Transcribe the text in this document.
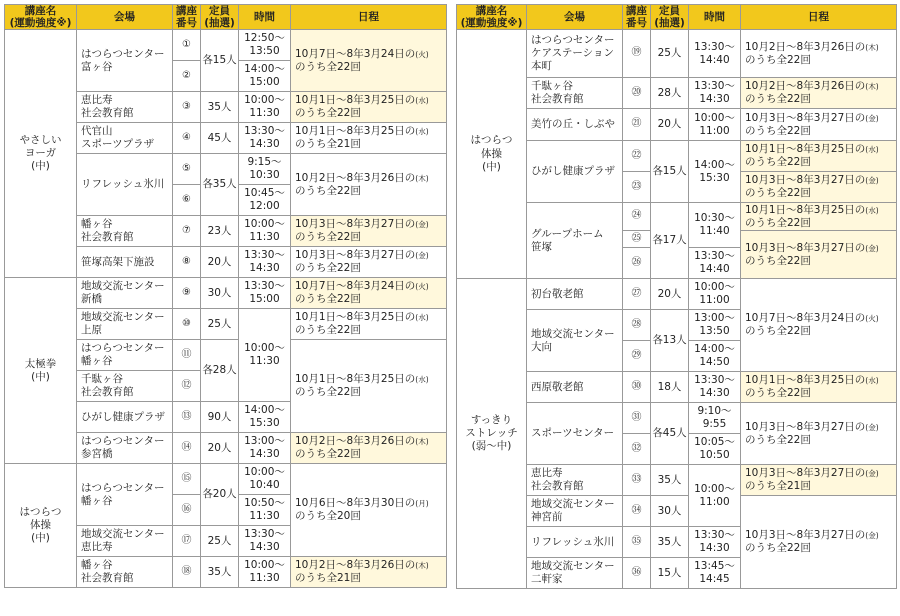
講座名
(運動強度※)	会場	講座
番号	定員
(抽選)	時間	日程
やさしい
ヨーガ
(中)	はつらつセンター
富ヶ谷	①	各15人	12:50〜13:50	10月7日〜8年3月24日の(火)
のうち全22回
		②		14:00〜15:00	
	恵比寿
社会教育館	③	35人	10:00〜11:30	10月1日〜8年3月25日の(水)
のうち全22回
	代官山
スポーツプラザ	④	45人	13:30〜14:30	10月1日〜8年3月25日の(水)
のうち全21回
	リフレッシュ氷川	⑤	各35人	9:15〜10:30	10月2日〜8年3月26日の(木)
のうち全22回
		⑥		10:45〜12:00	
	幡ヶ谷
社会教育館	⑦	23人	10:00〜11:30	10月3日〜8年3月27日の(金)
のうち全22回
	笹塚高架下施設	⑧	20人	13:30〜14:30	10月3日〜8年3月27日の(金)
のうち全22回
太極拳
(中)	地域交流センター
新橋	⑨	30人	13:30〜15:00	10月7日〜8年3月24日の(火)
のうち全22回
	地域交流センター
上原	⑩	25人	10:00〜11:30	10月1日〜8年3月25日の(水)
のうち全22回
	はつらつセンター
幡ヶ谷	⑪	各28人		10月1日〜8年3月25日の(水)
のうち全22回
	千駄ヶ谷
社会教育館	⑫			
	ひがし健康プラザ	⑬	90人	14:00〜15:30	
	はつらつセンター
参宮橋	⑭	20人	13:00〜14:30	10月2日〜8年3月26日の(木)
のうち全22回
はつらつ
体操
(中)	はつらつセンター
幡ヶ谷	⑮	各20人	10:00〜10:40	10月6日〜8年3月30日の(月)
のうち全20回
		⑯		10:50〜11:30	
	地域交流センター
恵比寿	⑰	25人	13:30〜14:30	
	幡ヶ谷
社会教育館	⑱	35人	10:00〜11:30	10月2日〜8年3月26日の(木)
のうち全21回
講座名
(運動強度※)	会場	講座
番号	定員
(抽選)	時間	日程
はつらつ
体操
(中)	はつらつセンター
ケアステーション
本町	⑲	25人	13:30〜14:40	10月2日〜8年3月26日の(木)
のうち全22回
	千駄ヶ谷
社会教育館	⑳	28人	13:30〜14:30	10月2日〜8年3月26日の(木)
のうち全22回
	美竹の丘・しぶや	㉑	20人	10:00〜11:00	10月3日〜8年3月27日の(金)
のうち全22回
	ひがし健康プラザ	㉒	各15人	14:00〜15:30	10月1日〜8年3月25日の(水)
のうち全22回
		㉓			10月3日〜8年3月27日の(金)
のうち全22回
	グループホーム
笹塚	㉔	各17人	10:30〜11:40	10月1日〜8年3月25日の(水)
のうち全22回
		㉕			10月3日〜8年3月27日の(金)
のうち全22回
		㉖		13:30〜14:40	
すっきり
ストレッチ
(弱〜中)	初台敬老館	㉗	20人	10:00〜11:00	10月7日〜8年3月24日の(火)
のうち全22回
	地域交流センター
大向	㉘	各13人	13:00〜13:50	
		㉙		14:00〜14:50	
	西原敬老館	㉚	18人	13:30〜14:30	10月1日〜8年3月25日の(水)
のうち全22回
	スポーツセンター	㉛	各45人	9:10〜9:55	10月3日〜8年3月27日の(金)
のうち全22回
		㉜		10:05〜10:50	
	恵比寿
社会教育館	㉝	35人	10:00〜11:00	10月3日〜8年3月27日の(金)
のうち全21回
	地域交流センター
神宮前	㉞	30人		10月3日〜8年3月27日の(金)
のうち全22回
	リフレッシュ氷川	㉟	35人	13:30〜14:30	
	地域交流センター
二軒家	㊱	15人	13:45〜14:45	
